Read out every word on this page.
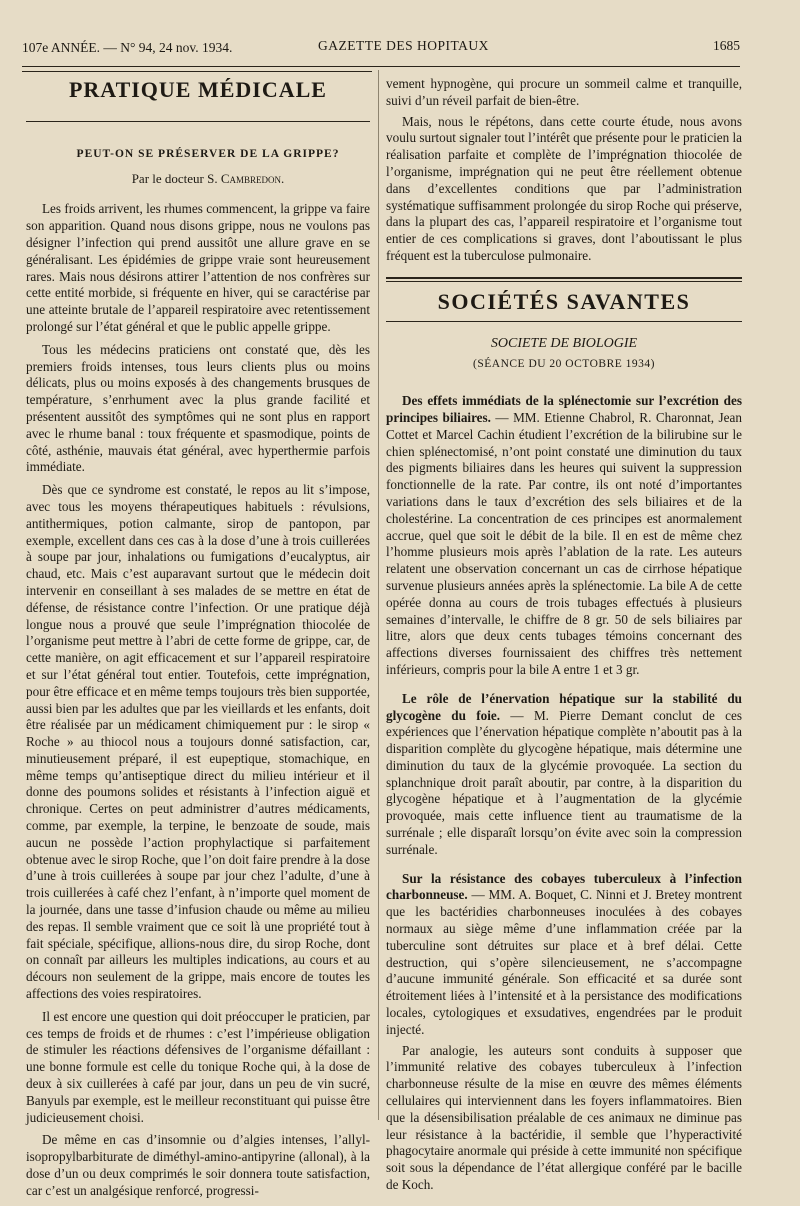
107e ANNÉE. — N° 94, 24 nov. 1934.	GAZETTE DES HOPITAUX	1685
PRATIQUE MÉDICALE
PEUT-ON SE PRÉSERVER DE LA GRIPPE?
Par le docteur S. Cambredon.

Les froids arrivent, les rhumes commencent, la grippe va faire son apparition. Quand nous disons grippe, nous ne voulons pas désigner l’infection qui prend aussitôt une allure grave en se généralisant. Les épidémies de grippe vraie sont heureusement rares. Mais nous désirons attirer l’attention de nos confrères sur cette entité morbide, si fréquente en hiver, qui se caractérise par une atteinte brutale de l’appareil respiratoire avec retentissement prolongé sur l’état général et que le public appelle grippe.

Tous les médecins praticiens ont constaté que, dès les premiers froids intenses, tous leurs clients plus ou moins délicats, plus ou moins exposés à des changements brusques de température, s’enrhument avec la plus grande facilité et présentent aussitôt des symptômes qui ne sont plus en rapport avec le rhume banal : toux fréquente et spasmodique, points de côté, asthénie, mauvais état général, avec hyperthermie parfois immédiate.

Dès que ce syndrome est constaté, le repos au lit s’impose, avec tous les moyens thérapeutiques habituels : révulsions, antithermiques, potion calmante, sirop de pantopon, par exemple, excellent dans ces cas à la dose d’une à trois cuillerées à soupe par jour, inhalations ou fumigations d’eucalyptus, air chaud, etc. Mais c’est auparavant surtout que le médecin doit intervenir en conseillant à ses malades de se mettre en état de défense, de résistance contre l’infection. Or une pratique déjà longue nous a prouvé que seule l’imprégnation thiocolée de l’organisme peut mettre à l’abri de cette forme de grippe, car, de cette manière, on agit efficacement et sur l’appareil respiratoire et sur l’état général tout entier. Toutefois, cette imprégnation, pour être efficace et en même temps toujours très bien supportée, aussi bien par les adultes que par les vieillards et les enfants, doit être réalisée par un médicament chimiquement pur : le sirop « Roche » au thiocol nous a toujours donné satisfaction, car, minutieusement préparé, il est eupeptique, stomachique, en même temps qu’antiseptique direct du milieu intérieur et il donne des poumons solides et résistants à l’infection aiguë et chronique. Certes on peut administrer d’autres médicaments, comme, par exemple, la terpine, le benzoate de soude, mais aucun ne possède l’action prophylactique si parfaitement obtenue avec le sirop Roche, que l’on doit faire prendre à la dose d’une à trois cuillerées à soupe par jour chez l’adulte, d’une à trois cuillerées à café chez l’enfant, à n’importe quel moment de la journée, dans une tasse d’infusion chaude ou même au milieu des repas. Il semble vraiment que ce soit là une propriété tout à fait spéciale, spécifique, allions-nous dire, du sirop Roche, dont on connaît par ailleurs les multiples indications, au cours et au décours non seulement de la grippe, mais encore de toutes les affections des voies respiratoires.

Il est encore une question qui doit préoccuper le praticien, par ces temps de froids et de rhumes : c’est l’impérieuse obligation de stimuler les réactions défensives de l’organisme défaillant : une bonne formule est celle du tonique Roche qui, à la dose de deux à six cuillerées à café par jour, dans un peu de vin sucré, Banyuls par exemple, est le meilleur reconstituant qui puisse être judicieusement choisi.

De même en cas d’insomnie ou d’algies intenses, l’allyl-isopropylbarbiturate de diméthyl-amino-antipyrine (allonal), à la dose d’un ou deux comprimés le soir donnera toute satisfaction, car c’est un analgésique renforcé, progressi-

vement hypnogène, qui procure un sommeil calme et tranquille, suivi d’un réveil parfait de bien-être.

Mais, nous le répétons, dans cette courte étude, nous avons voulu surtout signaler tout l’intérêt que présente pour le praticien la réalisation parfaite et complète de l’imprégnation thiocolée de l’organisme, imprégnation qui ne peut être réellement obtenue dans d’excellentes conditions que par l’administration systématique suffisamment prolongée du sirop Roche qui préserve, dans la plupart des cas, l’appareil respiratoire et l’organisme tout entier de ces complications si graves, dont l’aboutissant le plus fréquent est la tuberculose pulmonaire.

SOCIÉTÉS SAVANTES
SOCIETE DE BIOLOGIE
(SÉANCE DU 20 OCTOBRE 1934)

Des effets immédiats de la splénectomie sur l’excrétion des principes biliaires. — MM. Etienne Chabrol, R. Charonnat, Jean Cottet et Marcel Cachin étudient l’excrétion de la bilirubine sur le chien splénectomisé, n’ont point constaté une diminution du taux des pigments biliaires dans les heures qui suivent la suppression fonctionnelle de la rate. Par contre, ils ont noté d’importantes variations dans le taux d’excrétion des sels biliaires et de la cholestérine. La concentration de ces principes est anormalement accrue, quel que soit le débit de la bile. Il en est de même chez l’homme plusieurs mois après l’ablation de la rate. Les auteurs relatent une observation concernant un cas de cirrhose hépatique survenue plusieurs années après la splénectomie. La bile A de cette opérée donna au cours de trois tubages effectués à plusieurs semaines d’intervalle, le chiffre de 8 gr. 50 de sels biliaires par litre, alors que deux cents tubages témoins concernant des affections diverses fournissaient des chiffres très nettement inférieurs, compris pour la bile A entre 1 et 3 gr.

Le rôle de l’énervation hépatique sur la stabilité du glycogène du foie. — M. Pierre Demant conclut de ces expériences que l’énervation hépatique complète n’aboutit pas à la disparition complète du glycogène hépatique, mais détermine une diminution du taux de la glycémie provoquée. La section du splanchnique droit paraît aboutir, par contre, à la disparition du glycogène hépatique et à l’augmentation de la glycémie provoquée, mais cette influence tient au traumatisme de la surrénale ; elle disparaît lorsqu’on évite avec soin la compression surrénale.

Sur la résistance des cobayes tuberculeux à l’infection charbonneuse. — MM. A. Boquet, C. Ninni et J. Bretey montrent que les bactéridies charbonneuses inoculées à des cobayes normaux au siège même d’une inflammation créée par la tuberculine sont détruites sur place et à bref délai. Cette destruction, qui s’opère silencieusement, ne s’accompagne d’aucune immunité générale. Son efficacité et sa durée sont étroitement liées à l’intensité et à la persistance des modifications locales, cytologiques et exsudatives, engendrées par le produit injecté.

Par analogie, les auteurs sont conduits à supposer que l’immunité relative des cobayes tuberculeux à l’infection charbonneuse résulte de la mise en œuvre des mêmes éléments cellulaires qui interviennent dans les foyers inflammatoires. Bien que la désensibilisation préalable de ces animaux ne diminue pas leur résistance à la bactéridie, il semble que l’hyperactivité phagocytaire anormale qui préside à cette immunité non spécifique soit sous la dépendance de l’état allergique conféré par le bacille de Koch.
